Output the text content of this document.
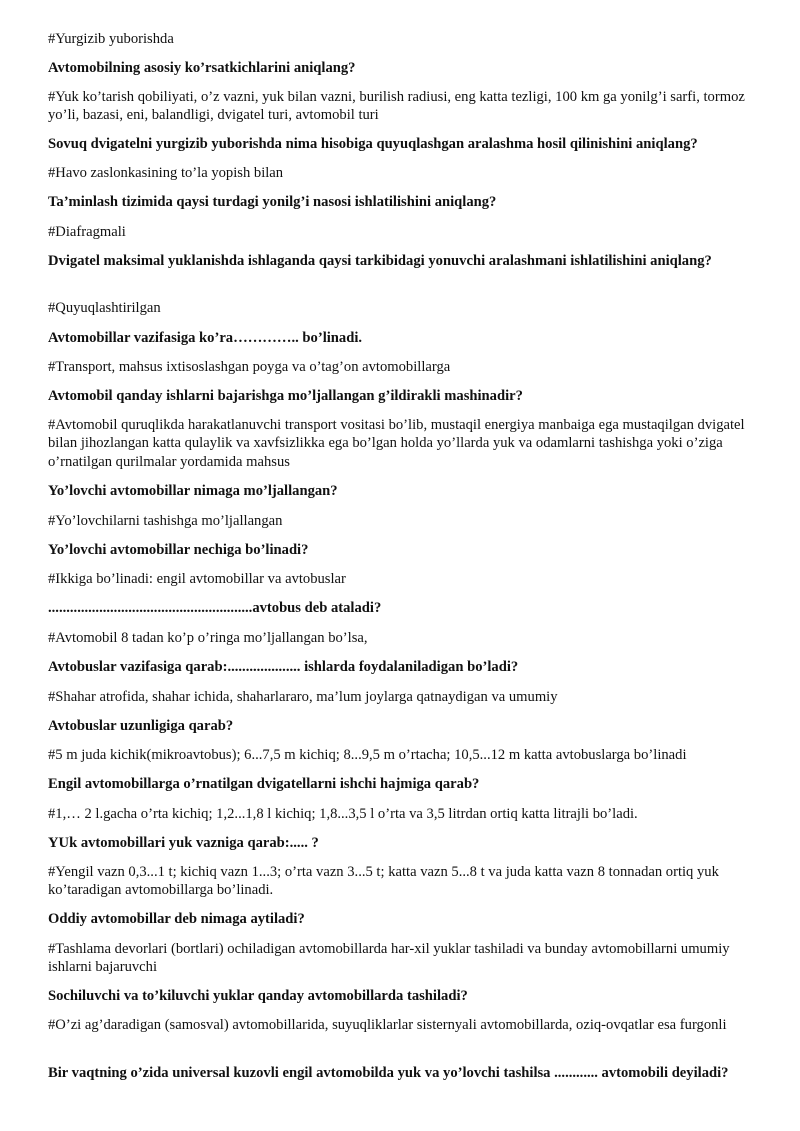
#Yurgizib yuborishda

Avtomobilning asosiy ko’rsatkichlarini aniqlang?

#Yuk ko’tarish qobiliyati, o’z vazni, yuk bilan vazni, burilish radiusi, eng katta tezligi, 100 km ga yonilg’i sarfi, tormoz yo’li, bazasi, eni, balandligi, dvigatel turi, avtomobil turi

Sovuq dvigatelni yurgizib yuborishda nima hisobiga quyuqlashgan aralashma hosil qilinishini aniqlang?

#Havo zaslonkasining to’la yopish bilan

Ta’minlash tizimida qaysi turdagi yonilg’i nasosi ishlatilishini aniqlang?

#Diafragmali

Dvigatel maksimal yuklanishda ishlaganda qaysi tarkibidagi yonuvchi aralashmani ishlatilishini aniqlang?

#Quyuqlashtirilgan

Avtomobillar vazifasiga ko’ra………….. bo’linadi.

#Transport, mahsus ixtisoslashgan poyga va o’tag’on avtomobillarga

Avtomobil qanday ishlarni bajarishga mo’ljallangan g’ildirakli mashinadir?

#Avtomobil quruqlikda harakatlanuvchi transport vositasi bo’lib, mustaqil energiya manbaiga ega mustaqilgan dvigatel bilan jihozlangan katta qulaylik va xavfsizlikka ega bo’lgan holda yo’llarda yuk va odamlarni tashishga yoki o’ziga o’rnatilgan qurilmalar yordamida mahsus

Yo’lovchi avtomobillar nimaga mo’ljallangan?

#Yo’lovchilarni tashishga mo’ljallangan

Yo’lovchi avtomobillar nechiga bo’linadi?

#Ikkiga bo’linadi: engil avtomobillar va avtobuslar

........................................................avtobus deb ataladi?

#Avtomobil 8 tadan ko’p o’ringa mo’ljallangan bo’lsa,

Avtobuslar vazifasiga qarab:.................... ishlarda foydalaniladigan bo’ladi?

#Shahar atrofida, shahar ichida, shaharlararo, ma’lum joylarga qatnaydigan va umumiy

Avtobuslar uzunligiga qarab?

#5 m juda kichik(mikroavtobus); 6...7,5 m kichiq; 8...9,5 m o’rtacha; 10,5...12 m katta avtobuslarga bo’linadi

Engil avtomobillarga o’rnatilgan dvigatellarni ishchi hajmiga qarab?

#1,… 2 l.gacha o’rta kichiq; 1,2...1,8 l kichiq; 1,8...3,5 l o’rta va 3,5 litrdan ortiq katta litrajli bo’ladi.

YUk avtomobillari yuk vazniga qarab:..... ?

#Yengil vazn 0,3...1 t; kichiq vazn 1...3; o’rta vazn 3...5 t; katta vazn 5...8 t va juda katta vazn 8 tonnadan ortiq yuk ko’taradigan avtomobillarga bo’linadi.

Oddiy avtomobillar deb nimaga aytiladi?

#Tashlama devorlari (bortlari) ochiladigan avtomobillarda har-xil yuklar tashiladi va bunday avtomobillarni umumiy ishlarni bajaruvchi

Sochiluvchi va to’kiluvchi yuklar qanday avtomobillarda tashiladi?

#O’zi ag’daradigan (samosval) avtomobillarida, suyuqliklarlar sisternyali avtomobillarda, oziq-ovqatlar esa furgonli

Bir vaqtning o’zida universal kuzovli engil avtomobilda yuk va yo’lovchi tashilsa ............ avtomobili deyiladi?
